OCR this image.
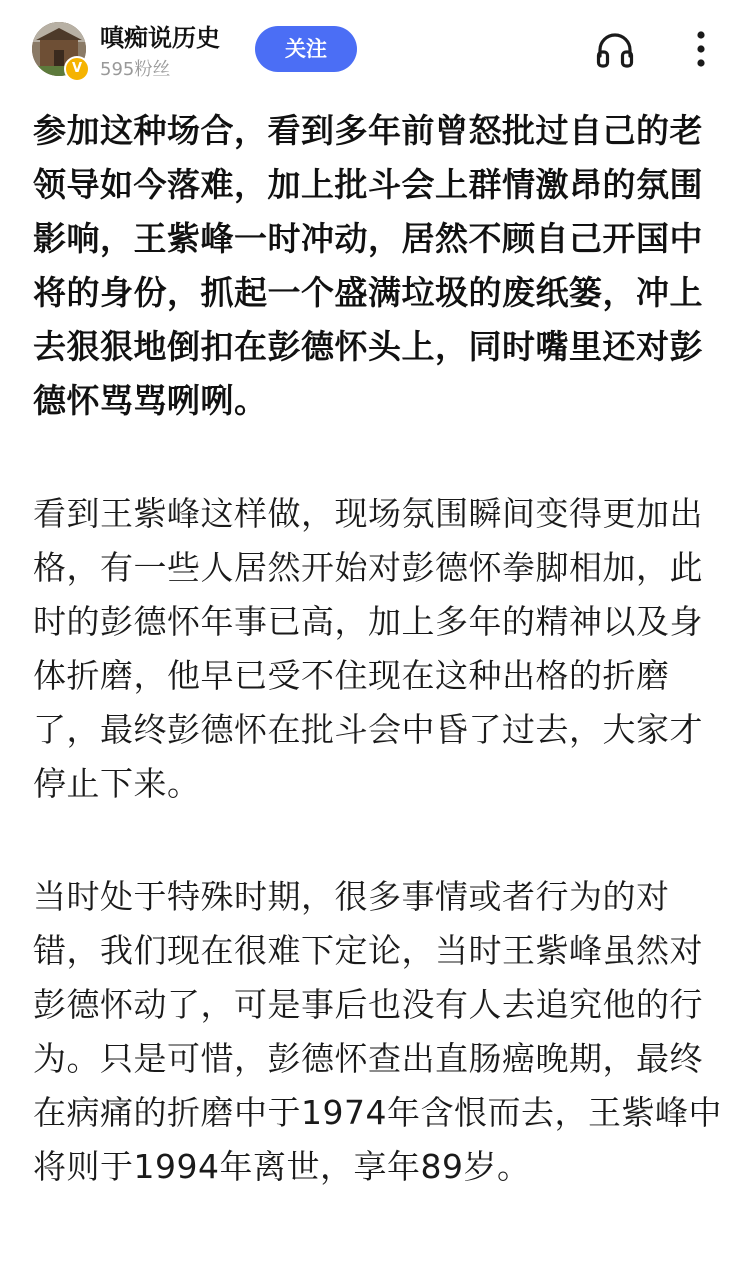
V
嗔痴说历史
595粉丝
关注

参加这种场合，看到多年前曾怒批过自己的老领导如今落难，加上批斗会上群情激昂的氛围影响，王紫峰一时冲动，居然不顾自己开国中将的身份，抓起一个盛满垃圾的废纸篓，冲上去狠狠地倒扣在彭德怀头上，同时嘴里还对彭德怀骂骂咧咧。

看到王紫峰这样做，现场氛围瞬间变得更加出格，有一些人居然开始对彭德怀拳脚相加，此时的彭德怀年事已高，加上多年的精神以及身体折磨，他早已受不住现在这种出格的折磨了，最终彭德怀在批斗会中昏了过去，大家才停止下来。

当时处于特殊时期，很多事情或者行为的对错，我们现在很难下定论，当时王紫峰虽然对彭德怀动了，可是事后也没有人去追究他的行为。只是可惜，彭德怀查出直肠癌晚期，最终在病痛的折磨中于1974年含恨而去，王紫峰中将则于1994年离世，享年89岁。
